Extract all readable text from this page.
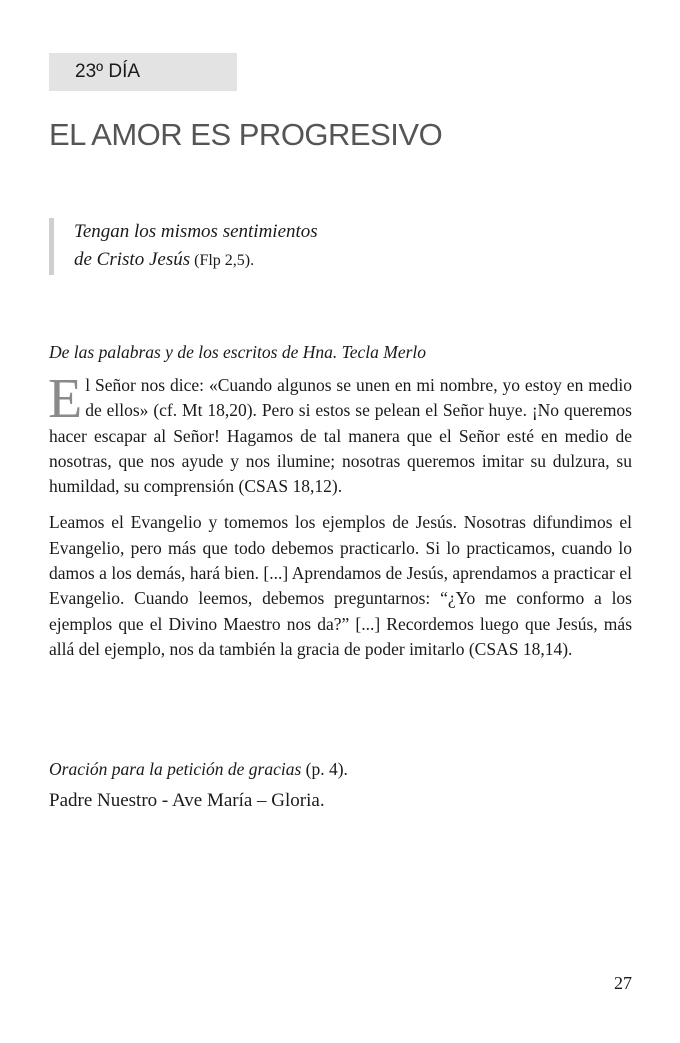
23º DÍA
EL AMOR ES PROGRESIVO
Tengan los mismos sentimientos
de Cristo Jesús (Flp 2,5).

De las palabras y de los escritos de Hna. Tecla Merlo

El Señor nos dice: «Cuando algunos se unen en mi nombre, yo estoy en medio de ellos» (cf. Mt 18,20). Pero si estos se pelean el Señor huye. ¡No queremos hacer escapar al Señor! Hagamos de tal manera que el Señor esté en medio de nosotras, que nos ayude y nos ilumine; nosotras queremos imitar su dulzura, su humildad, su comprensión (CSAS 18,12).

Leamos el Evangelio y tomemos los ejemplos de Jesús. Nosotras difundimos el Evangelio, pero más que todo debemos practicarlo. Si lo practicamos, cuando lo damos a los demás, hará bien. [...] Aprendamos de Jesús, aprendamos a practicar el Evangelio. Cuando leemos, debemos preguntarnos: “¿Yo me conformo a los ejemplos que el Divino Maestro nos da?” [...] Recordemos luego que Jesús, más allá del ejemplo, nos da también la gracia de poder imitarlo (CSAS 18,14).

Oración para la petición de gracias (p. 4).
Padre Nuestro - Ave María – Gloria.
27
